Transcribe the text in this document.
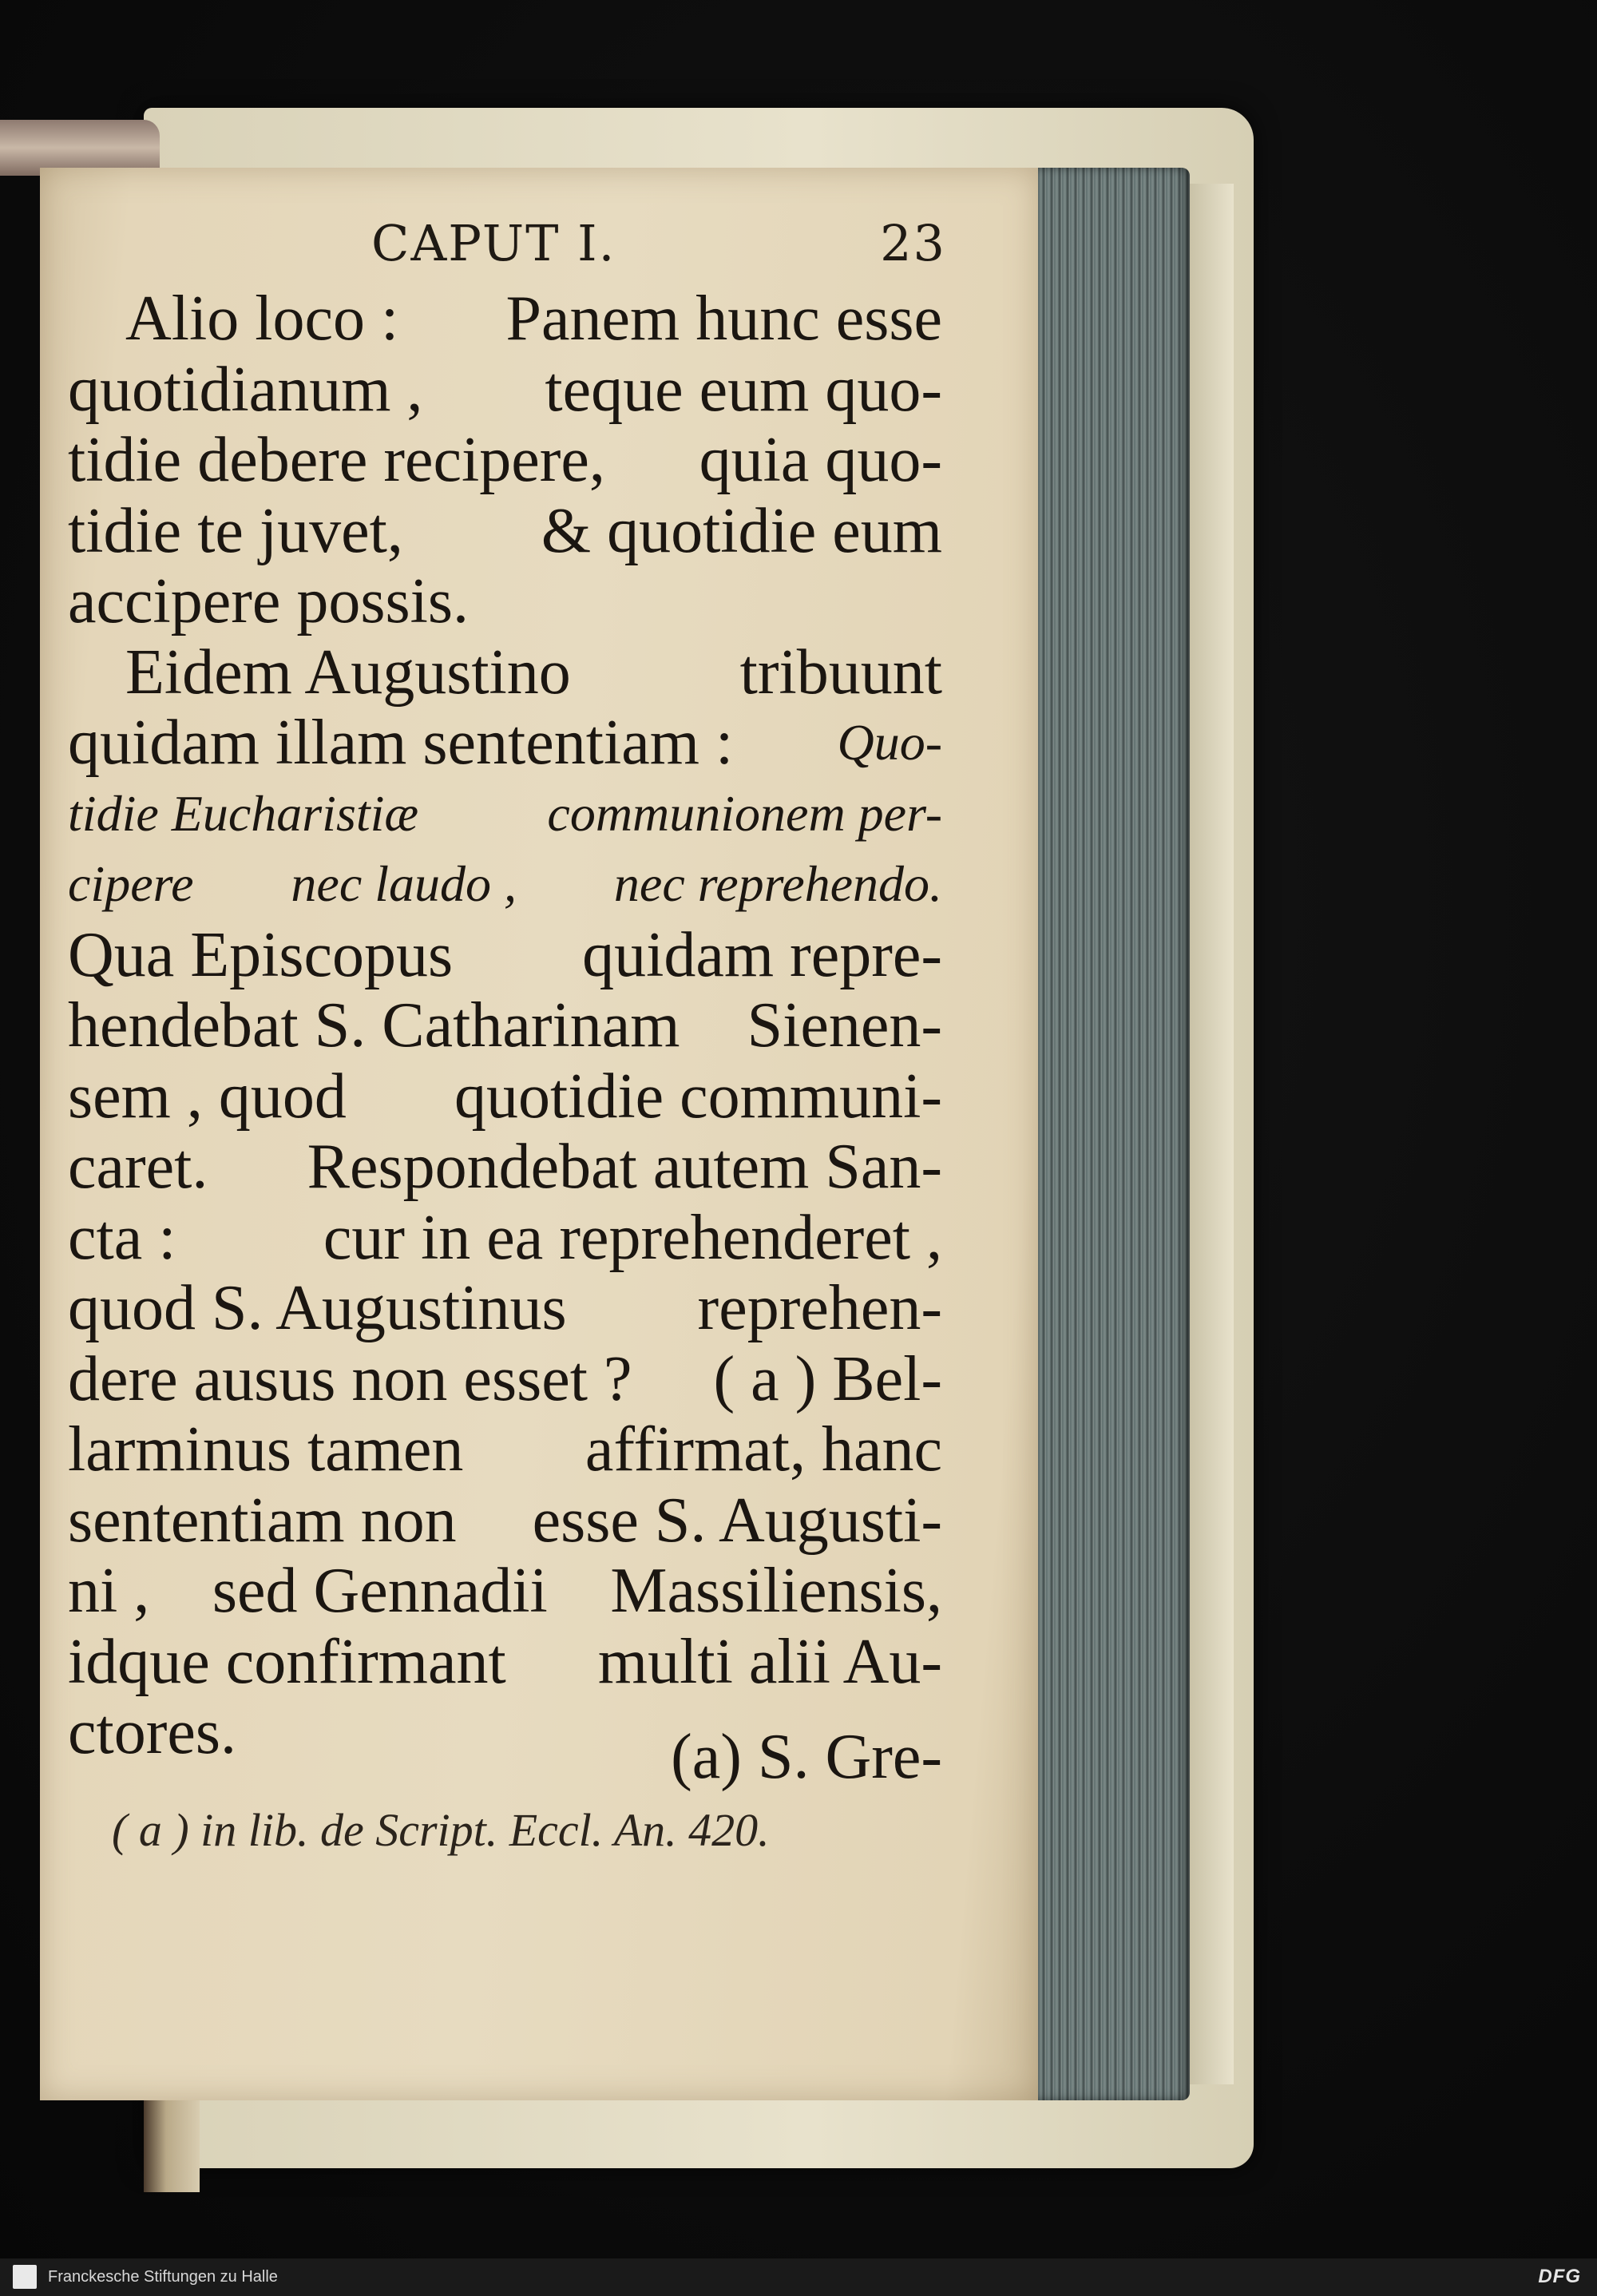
CAPUT I.	23
Alio loco : Panem hunc esse
quotidianum , teque eum quo-
tidie debere recipere, quia quo-
tidie te juvet, & quotidie eum
accipere possis.
Eidem Augustino	tribuunt
quidam illam sententiam : Quo-
tidie Eucharistiæ	communionem per-
cipere nec laudo , nec reprehendo.
Qua Episcopus quidam repre-
hendebat S. Catharinam Sienen-
sem , quod quotidie communi-
caret. Respondebat autem San-
cta : cur in ea reprehenderet ,
quod S. Augustinus reprehen-
dere ausus non esset ? ( a ) Bel-
larminus tamen affirmat, hanc
sententiam non esse S. Augusti-
ni , sed Gennadii Massiliensis,
idque confirmant multi alii Au-
ctores.	(a) S. Gre-
( a ) in lib. de Script. Eccl. An. 420.
Franckesche Stiftungen zu Halle	DFG
